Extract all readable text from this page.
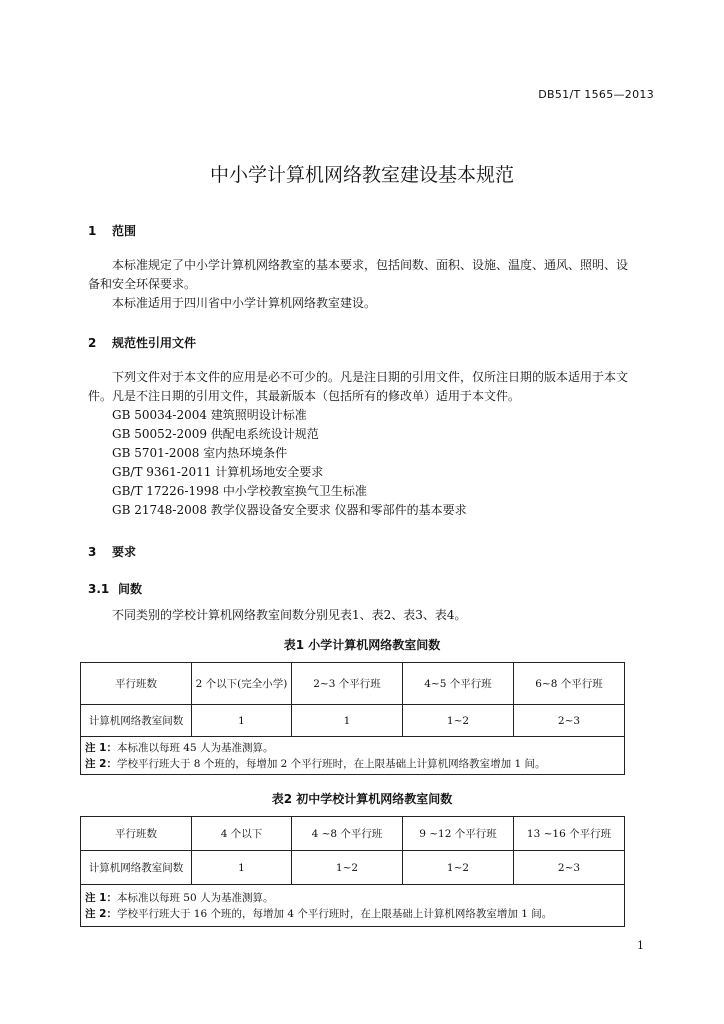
DB51/T 1565—2013
中小学计算机网络教室建设基本规范
1 范围
本标准规定了中小学计算机网络教室的基本要求，包括间数、面积、设施、温度、通风、照明、设
备和安全环保要求。
本标准适用于四川省中小学计算机网络教室建设。
2 规范性引用文件
下列文件对于本文件的应用是必不可少的。凡是注日期的引用文件，仅所注日期的版本适用于本文
件。凡是不注日期的引用文件，其最新版本（包括所有的修改单）适用于本文件。
GB 50034-2004 建筑照明设计标准
GB 50052-2009 供配电系统设计规范
GB 5701-2008 室内热环境条件
GB/T 9361-2011 计算机场地安全要求
GB/T 17226-1998 中小学校教室换气卫生标准
GB 21748-2008 教学仪器设备安全要求 仪器和零部件的基本要求
3 要求
3.1 间数
不同类别的学校计算机网络教室间数分别见表1、表2、表3、表4。
表1 小学计算机网络教室间数
平行班数	2 个以下(完全小学)	2~3 个平行班	4~5 个平行班	6~8 个平行班
计算机网络教室间数	1	1	1~2	2~3

注 1：本标准以每班 45 人为基准测算。
注 2：学校平行班大于 8 个班的，每增加 2 个平行班时，在上限基础上计算机网络教室增加 1 间。				
表2 初中学校计算机网络教室间数
平行班数	4 个以下	4 ~8 个平行班	9 ~12 个平行班	13 ~16 个平行班
计算机网络教室间数	1	1~2	1~2	2~3

注 1：本标准以每班 50 人为基准测算。
注 2：学校平行班大于 16 个班的，每增加 4 个平行班时，在上限基础上计算机网络教室增加 1 间。				
1
